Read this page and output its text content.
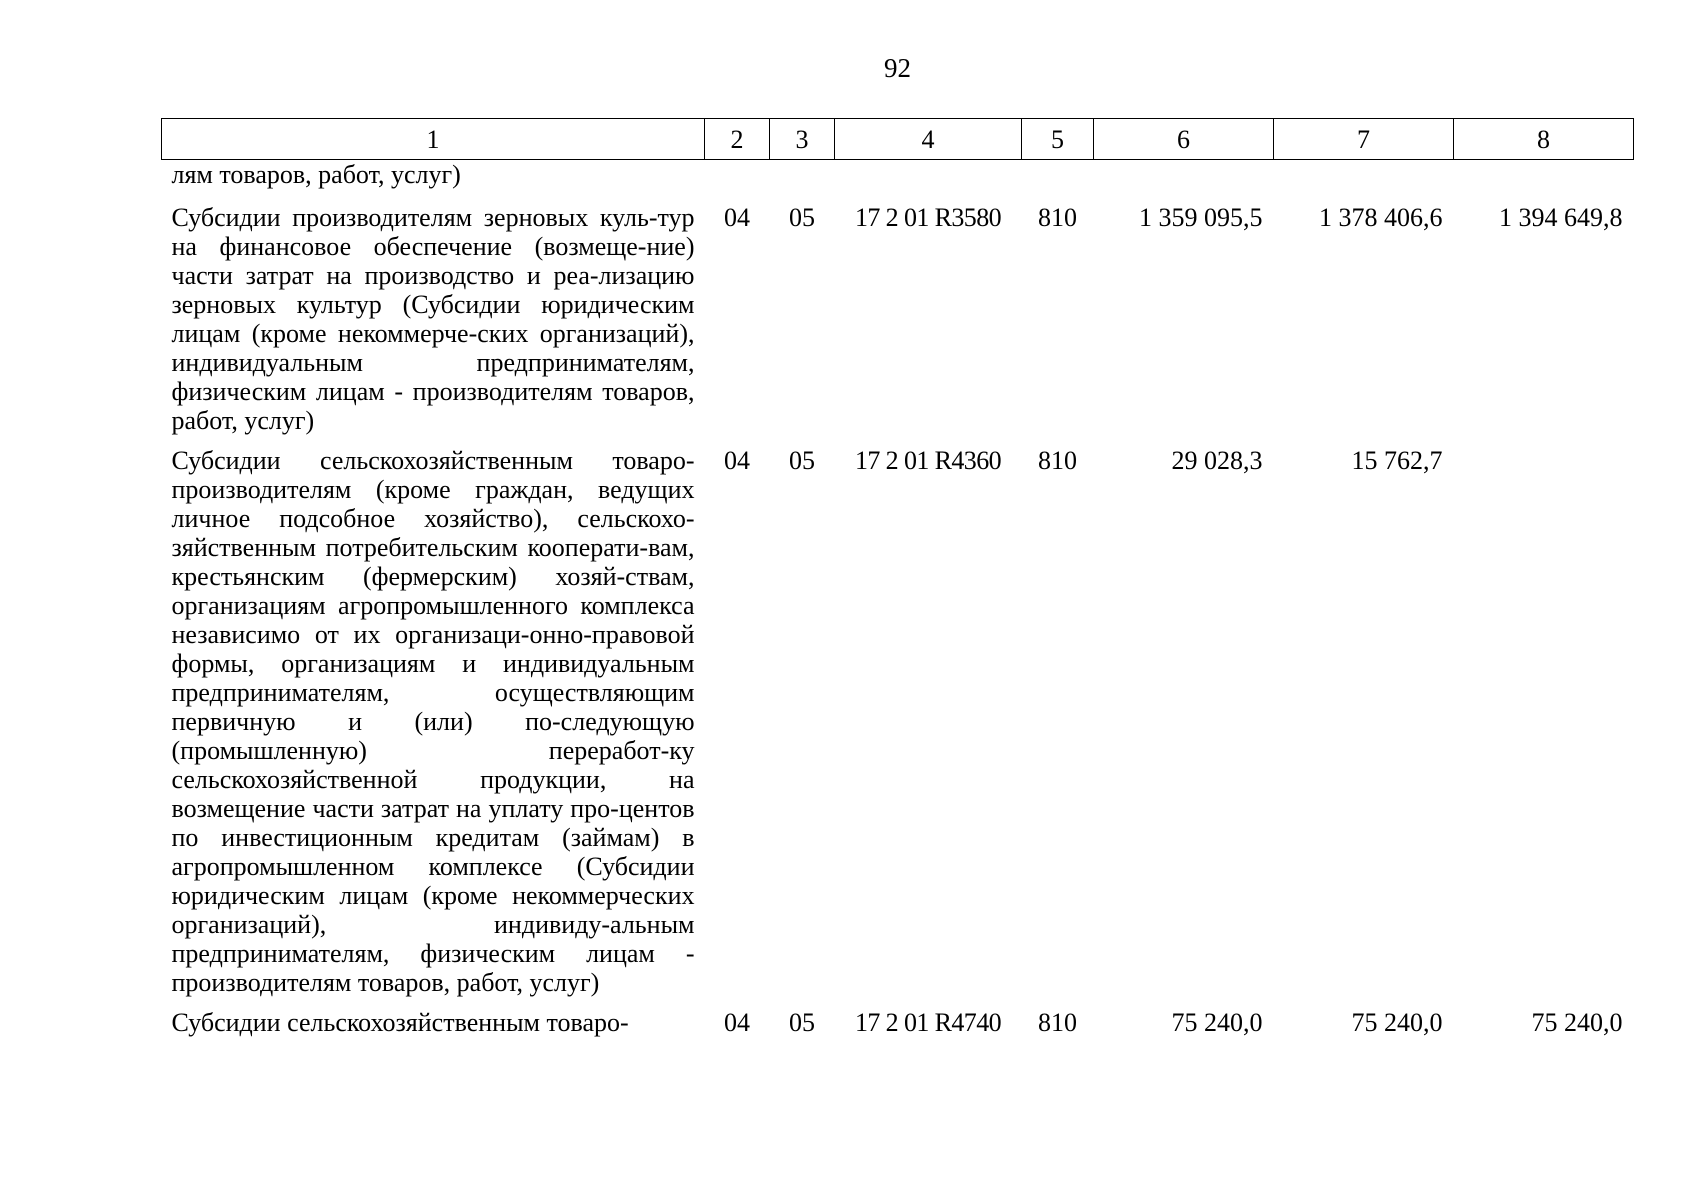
92
1	2	3	4	5	6	7	8
лям товаров, работ, услуг)							
Субсидии производителям зерновых куль-тур на финансовое обеспечение (возмеще-ние) части затрат на производство и реа-лизацию зерновых культур (Субсидии юридическим лицам (кроме некоммерче-ских организаций), индивидуальным предпринимателям, физическим лицам - производителям товаров, работ, услуг)	04	05	17 2 01 R3580	810	1 359 095,5	1 378 406,6	1 394 649,8
Субсидии сельскохозяйственным товаро-производителям (кроме граждан, ведущих личное подсобное хозяйство), сельскохо-зяйственным потребительским кооперати-вам, крестьянским (фермерским) хозяй-ствам, организациям агропромышленного комплекса независимо от их организаци-онно-правовой формы, организациям и индивидуальным предпринимателям, осуществляющим первичную и (или) по-следующую (промышленную) переработ-ку сельскохозяйственной продукции, на возмещение части затрат на уплату про-центов по инвестиционным кредитам (займам) в агропромышленном комплексе (Субсидии юридическим лицам (кроме некоммерческих организаций), индивиду-альным предпринимателям, физическим лицам - производителям товаров, работ, услуг)	04	05	17 2 01 R4360	810	29 028,3	15 762,7	
Субсидии сельскохозяйственным товаро-	04	05	17 2 01 R4740	810	75 240,0	75 240,0	75 240,0
